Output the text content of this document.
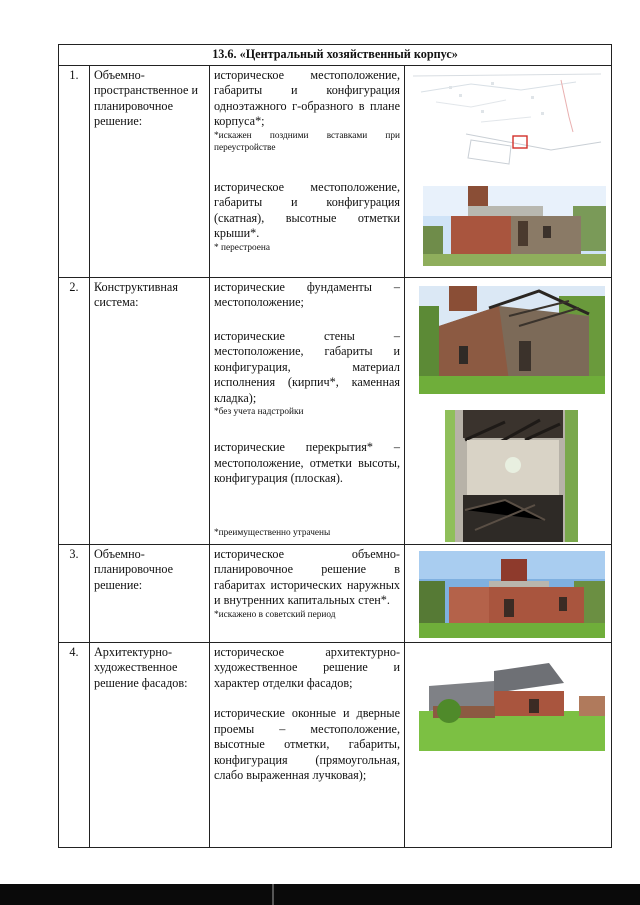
13.6. «Центральный хозяйственный корпус»			
1.	Объемно-пространственное и планировочное решение:	историческое местоположение, габариты и конфигурация одноэтажного г-образного в плане корпуса*;

*искажен поздними вставками при переустройстве

историческое местоположение, габариты и конфигурация (скатная), высотные отметки крыши*.

* перестроена

2.	Конструктивная система:	исторические фундаменты – местоположение;

исторические стены – местоположение, габариты и конфигурация, материал исполнения (кирпич*, каменная кладка);

*без учета надстройки

исторические перекрытия* – местоположение, отметки высоты, конфигурация (плоская).

*преимущественно утрачены

3.	Объемно-планировочное решение:	историческое объемно-планировочное решение в габаритах исторических наружных и внутренних капитальных стен*.

*искажено в советский период

4.	Архитектурно-художественное решение фасадов:	историческое архитектурно-художественное решение и характер отделки фасадов;

исторические оконные и дверные проемы – местоположение, высотные отметки, габариты, конфигурация (прямоугольная, слабо выраженная лучковая);
